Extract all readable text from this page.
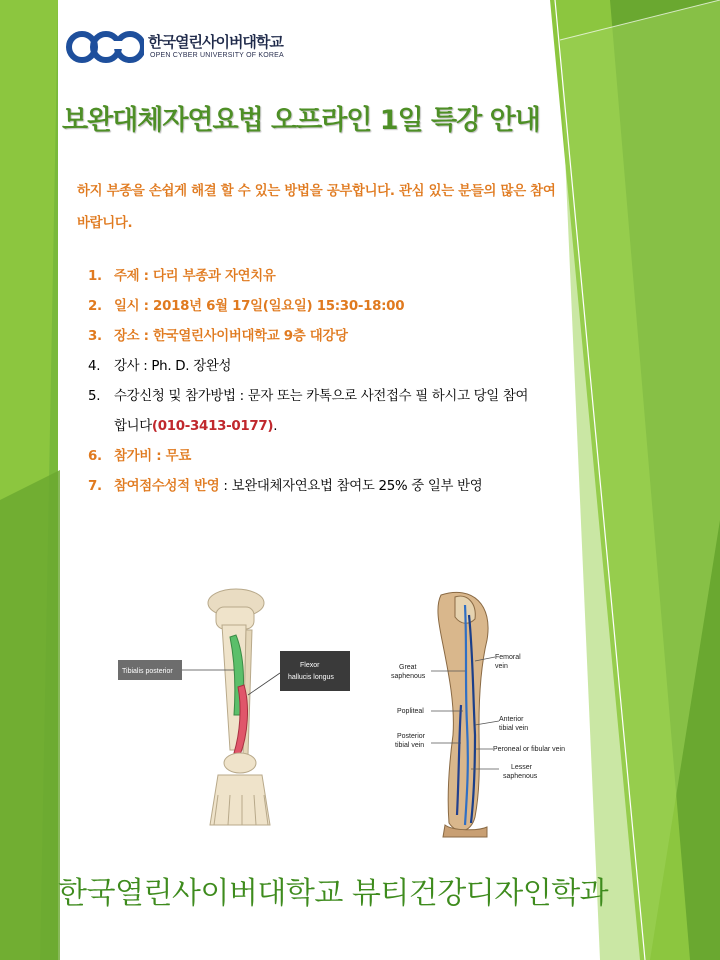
한국열린사이버대학교
OPEN CYBER UNIVERSITY OF KOREA
보완대체자연요법 오프라인 1일 특강 안내
하지 부종을 손쉽게 해결 할 수 있는 방법을 공부합니다. 관심 있는 분들의 많은 참여 바랍니다.
1. 주제 : 다리 부종과 자연치유
2. 일시 : 2018년 6월 17일(일요일) 15:30-18:00
3. 장소 : 한국열린사이버대학교 9층 대강당
4.	강사 : Ph. D. 장완성
5.	수강신청 및 참가방법 : 문자 또는 카톡으로 사전접수 필 하시고 당일 참여합니다(010-3413-0177).
6. 참가비 : 무료
7. 참여점수성적 반영 : 보완대체자연요법 참여도 25% 중 일부 반영
Tibialis posterior
Flexor
hallucis longus
Femoral
vein
Great
saphenous
Popliteal
Anterior
tibial vein
Posterior
tibial vein
Peroneal or fibular vein
Lesser
saphenous
한국열린사이버대학교 뷰티건강디자인학과
